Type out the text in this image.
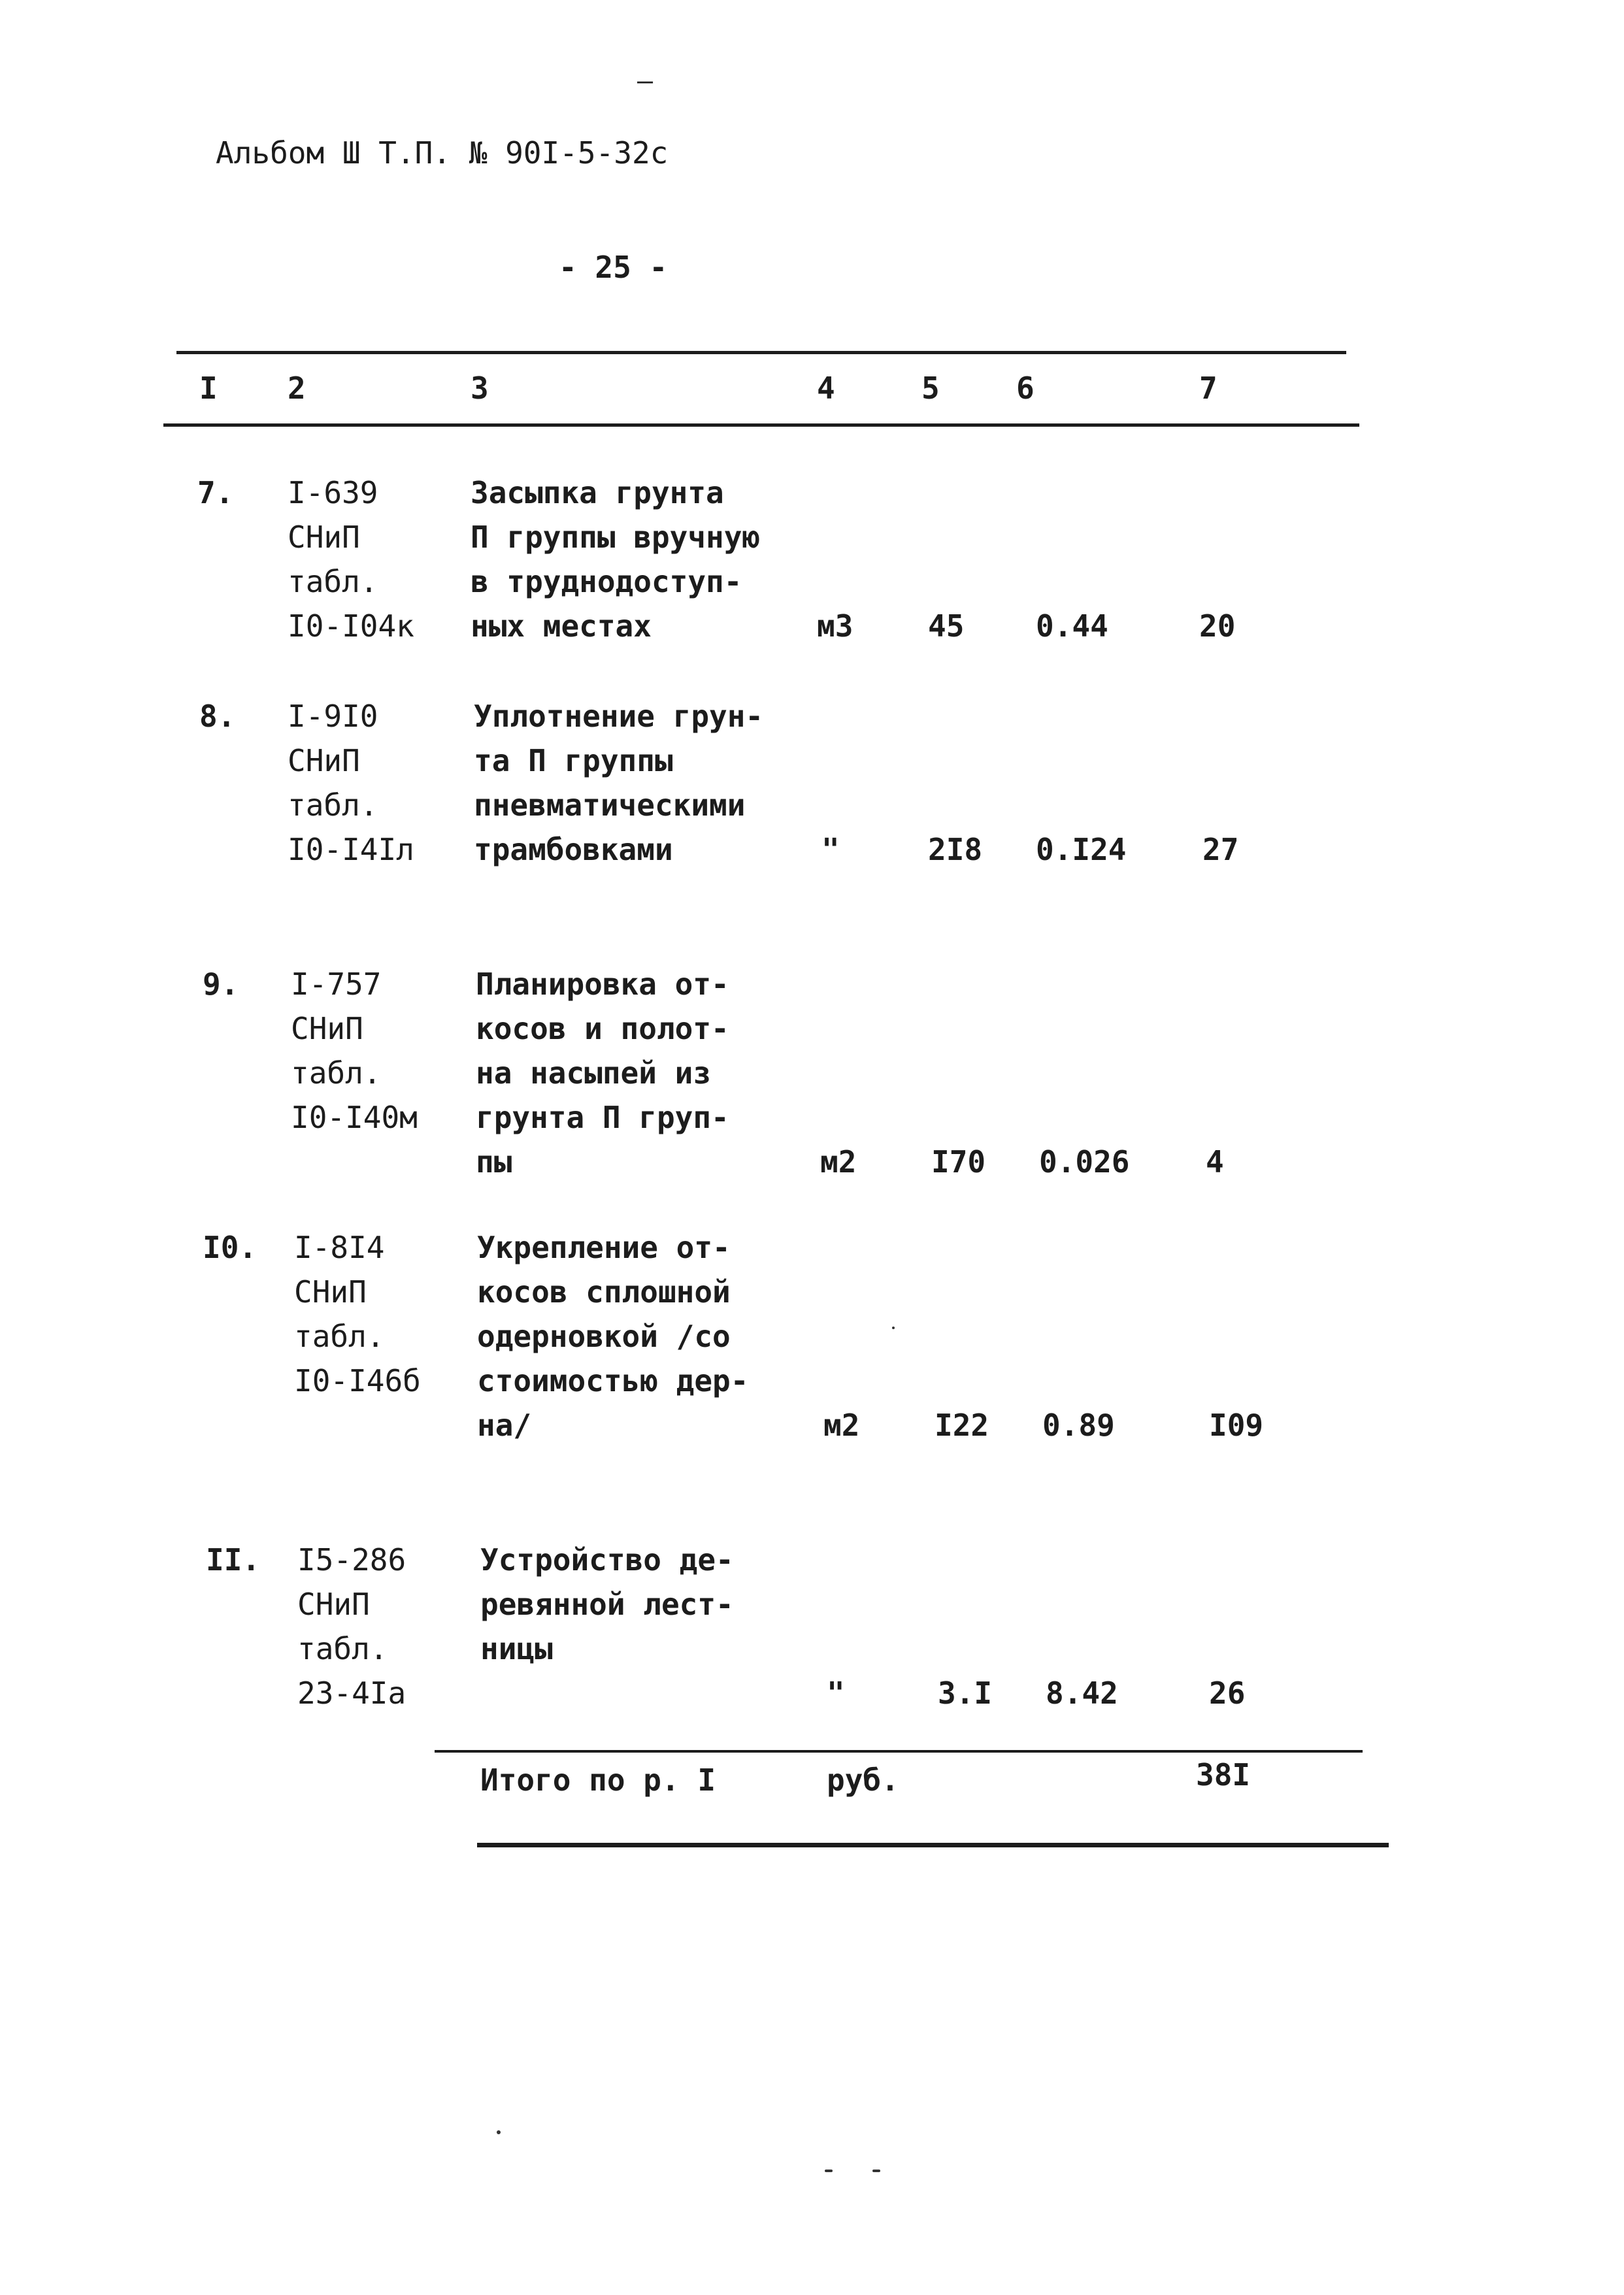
—
Альбом Ш Т.П. № 90I-5-32с
- 25 -
I 2	3	4	5	6	7
7. I-639
СНиП
табл.
I0-I04к
Засыпка грунта
П группы вручную
в труднодоступ-
ных местах	м3 45 0.44	20
8. I-9I0
СНиП
табл.
I0-I4Iл
Уплотнение грун-
та П группы
пневматическими
трамбовками	"	2I8 0.I24	27
9. I-757
СНиП
табл.
I0-I40м
Планировка от-
косов и полот-
на насыпей из
грунта П груп-
пы	м2 I70 0.026	4
I0. I-8I4
СНиП
табл.
I0-I46б
Укрепление от-
косов сплошной
одерновкой /со
стоимостью дер-
на/	м2 I22 0.89	I09
II. I5-286
СНиП
табл.
23-4Iа
Устройство де-
ревянной лест-
ницы
"	3.I 8.42	26
Итого по р. I	руб.	38I
